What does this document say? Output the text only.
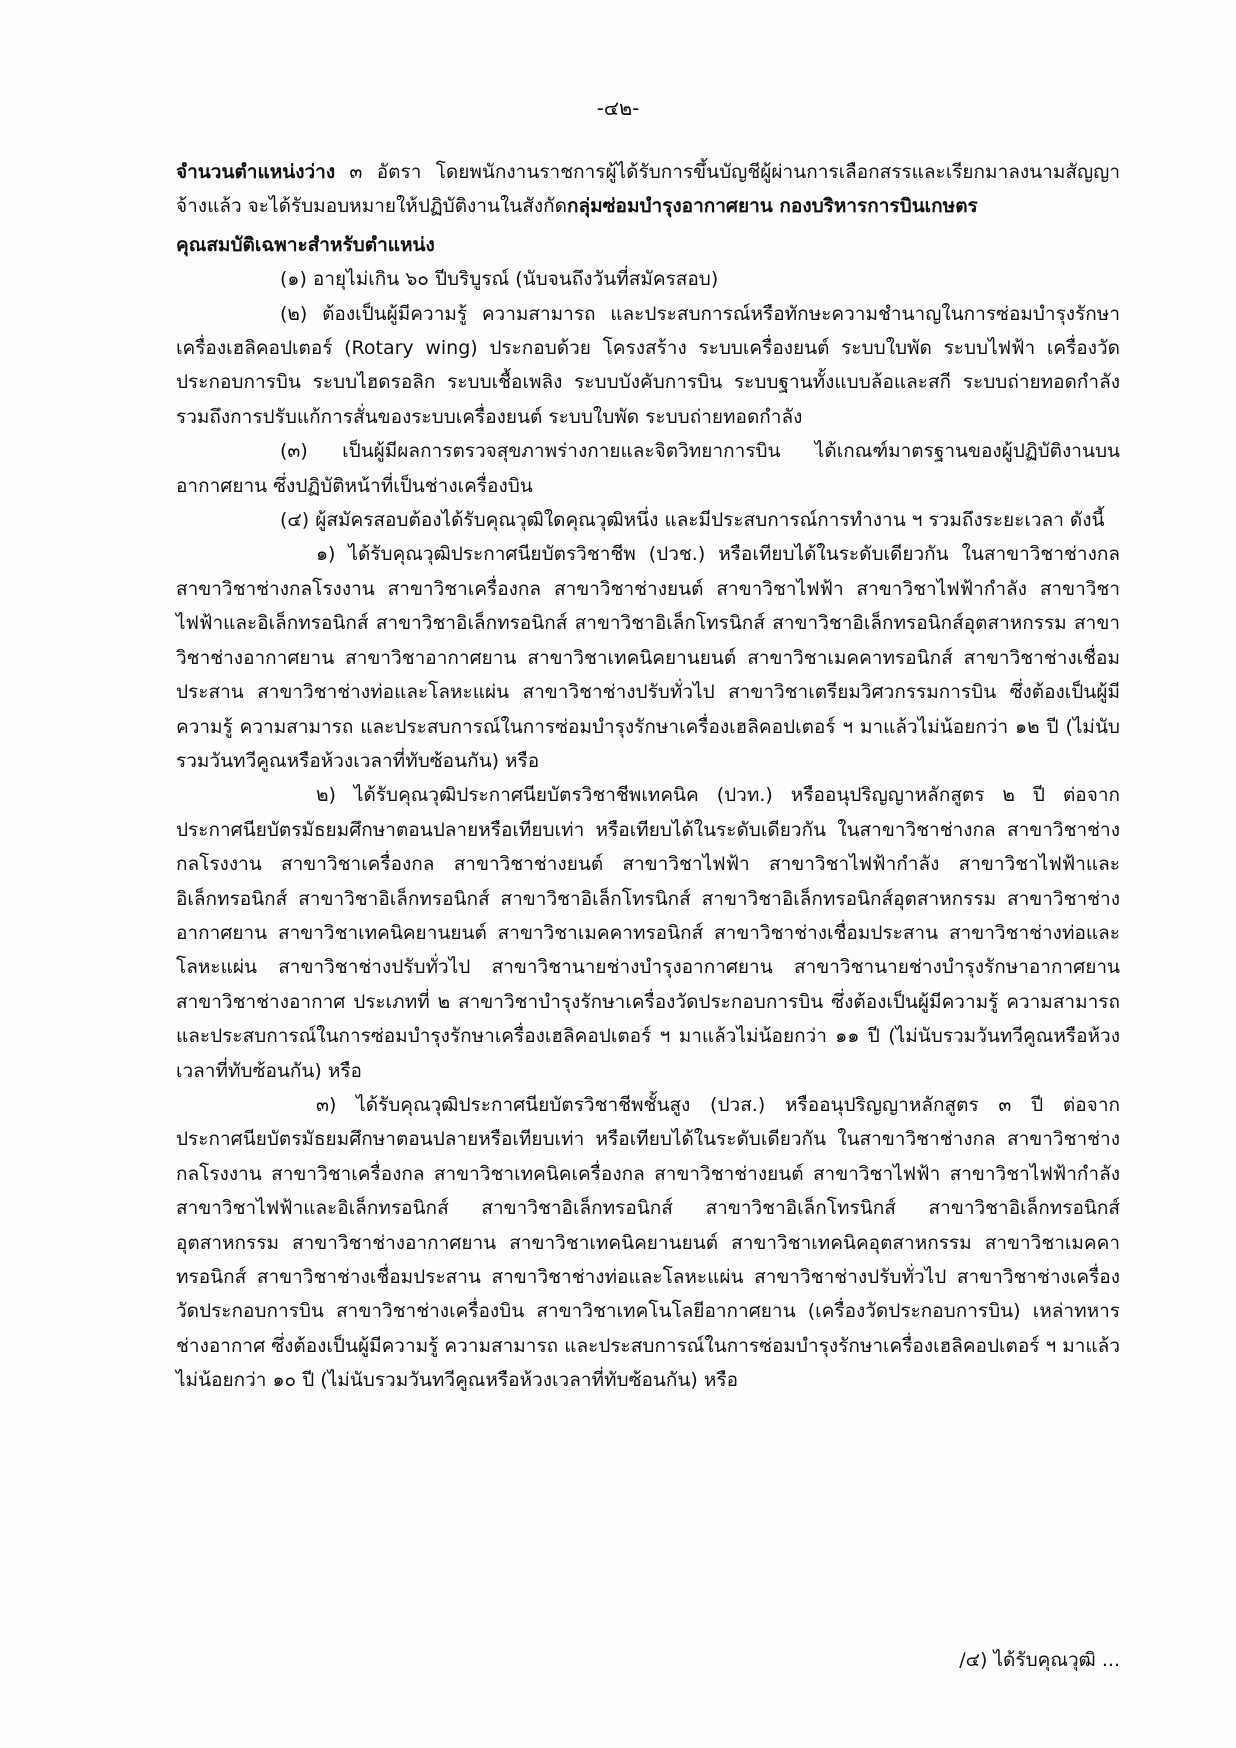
-๔๒-

จำนวนตำแหน่งว่าง ๓ อัตรา โดยพนักงานราชการผู้ได้รับการขึ้นบัญชีผู้ผ่านการเลือกสรรและเรียกมาลงนามสัญญาจ้างแล้ว จะได้รับมอบหมายให้ปฏิบัติงานในสังกัดกลุ่มซ่อมบำรุงอากาศยาน กองบริหารการบินเกษตร

คุณสมบัติเฉพาะสำหรับตำแหน่ง

(๑) อายุไม่เกิน ๖๐ ปีบริบูรณ์ (นับจนถึงวันที่สมัครสอบ)

(๒) ต้องเป็นผู้มีความรู้ ความสามารถ และประสบการณ์หรือทักษะความชำนาญในการซ่อมบำรุงรักษาเครื่องเฮลิคอปเตอร์ (Rotary wing) ประกอบด้วย โครงสร้าง ระบบเครื่องยนต์ ระบบใบพัด ระบบไฟฟ้า เครื่องวัดประกอบการบิน ระบบไฮดรอลิก ระบบเชื้อเพลิง ระบบบังคับการบิน ระบบฐานทั้งแบบล้อและสกี ระบบถ่ายทอดกำลัง รวมถึงการปรับแก้การสั่นของระบบเครื่องยนต์ ระบบใบพัด ระบบถ่ายทอดกำลัง

(๓) เป็นผู้มีผลการตรวจสุขภาพร่างกายและจิตวิทยาการบิน ได้เกณฑ์มาตรฐานของผู้ปฏิบัติงานบนอากาศยาน ซึ่งปฏิบัติหน้าที่เป็นช่างเครื่องบิน

(๔) ผู้สมัครสอบต้องได้รับคุณวุฒิใดคุณวุฒิหนึ่ง และมีประสบการณ์การทำงาน ฯ รวมถึงระยะเวลา ดังนี้

๑) ได้รับคุณวุฒิประกาศนียบัตรวิชาชีพ (ปวช.) หรือเทียบได้ในระดับเดียวกัน ในสาขาวิชาช่างกล สาขาวิชาช่างกลโรงงาน สาขาวิชาเครื่องกล สาขาวิชาช่างยนต์ สาขาวิชาไฟฟ้า สาขาวิชาไฟฟ้ากำลัง สาขาวิชาไฟฟ้าและอิเล็กทรอนิกส์ สาขาวิชาอิเล็กทรอนิกส์ สาขาวิชาอิเล็กโทรนิกส์ สาขาวิชาอิเล็กทรอนิกส์อุตสาหกรรม สาขาวิชาช่างอากาศยาน สาขาวิชาอากาศยาน สาขาวิชาเทคนิคยานยนต์ สาขาวิชาเมคคาทรอนิกส์ สาขาวิชาช่างเชื่อมประสาน สาขาวิชาช่างท่อและโลหะแผ่น สาขาวิชาช่างปรับทั่วไป สาขาวิชาเตรียมวิศวกรรมการบิน ซึ่งต้องเป็นผู้มีความรู้ ความสามารถ และประสบการณ์ในการซ่อมบำรุงรักษาเครื่องเฮลิคอปเตอร์ ฯ มาแล้วไม่น้อยกว่า ๑๒ ปี (ไม่นับรวมวันทวีคูณหรือห้วงเวลาที่ทับซ้อนกัน) หรือ

๒) ได้รับคุณวุฒิประกาศนียบัตรวิชาชีพเทคนิค (ปวท.) หรืออนุปริญญาหลักสูตร ๒ ปี ต่อจากประกาศนียบัตรมัธยมศึกษาตอนปลายหรือเทียบเท่า หรือเทียบได้ในระดับเดียวกัน ในสาขาวิชาช่างกล สาขาวิชาช่างกลโรงงาน สาขาวิชาเครื่องกล สาขาวิชาช่างยนต์ สาขาวิชาไฟฟ้า สาขาวิชาไฟฟ้ากำลัง สาขาวิชาไฟฟ้าและอิเล็กทรอนิกส์ สาขาวิชาอิเล็กทรอนิกส์ สาขาวิชาอิเล็กโทรนิกส์ สาขาวิชาอิเล็กทรอนิกส์อุตสาหกรรม สาขาวิชาช่างอากาศยาน สาขาวิชาเทคนิคยานยนต์ สาขาวิชาเมคคาทรอนิกส์ สาขาวิชาช่างเชื่อมประสาน สาขาวิชาช่างท่อและโลหะแผ่น สาขาวิชาช่างปรับทั่วไป สาขาวิชานายช่างบำรุงอากาศยาน สาขาวิชานายช่างบำรุงรักษาอากาศยาน สาขาวิชาช่างอากาศ ประเภทที่ ๒ สาขาวิชาบำรุงรักษาเครื่องวัดประกอบการบิน ซึ่งต้องเป็นผู้มีความรู้ ความสามารถ และประสบการณ์ในการซ่อมบำรุงรักษาเครื่องเฮลิคอปเตอร์ ฯ มาแล้วไม่น้อยกว่า ๑๑ ปี (ไม่นับรวมวันทวีคูณหรือห้วงเวลาที่ทับซ้อนกัน) หรือ

๓) ได้รับคุณวุฒิประกาศนียบัตรวิชาชีพชั้นสูง (ปวส.) หรืออนุปริญญาหลักสูตร ๓ ปี ต่อจากประกาศนียบัตรมัธยมศึกษาตอนปลายหรือเทียบเท่า หรือเทียบได้ในระดับเดียวกัน ในสาขาวิชาช่างกล สาขาวิชาช่างกลโรงงาน สาขาวิชาเครื่องกล สาขาวิชาเทคนิคเครื่องกล สาขาวิชาช่างยนต์ สาขาวิชาไฟฟ้า สาขาวิชาไฟฟ้ากำลัง สาขาวิชาไฟฟ้าและอิเล็กทรอนิกส์ สาขาวิชาอิเล็กทรอนิกส์ สาขาวิชาอิเล็กโทรนิกส์ สาขาวิชาอิเล็กทรอนิกส์อุตสาหกรรม สาขาวิชาช่างอากาศยาน สาขาวิชาเทคนิคยานยนต์ สาขาวิชาเทคนิคอุตสาหกรรม สาขาวิชาเมคคาทรอนิกส์ สาขาวิชาช่างเชื่อมประสาน สาขาวิชาช่างท่อและโลหะแผ่น สาขาวิชาช่างปรับทั่วไป สาขาวิชาช่างเครื่องวัดประกอบการบิน สาขาวิชาช่างเครื่องบิน สาขาวิชาเทคโนโลยีอากาศยาน (เครื่องวัดประกอบการบิน) เหล่าทหารช่างอากาศ ซึ่งต้องเป็นผู้มีความรู้ ความสามารถ และประสบการณ์ในการซ่อมบำรุงรักษาเครื่องเฮลิคอปเตอร์ ฯ มาแล้วไม่น้อยกว่า ๑๐ ปี (ไม่นับรวมวันทวีคูณหรือห้วงเวลาที่ทับซ้อนกัน) หรือ

/๔) ได้รับคุณวุฒิ ...
